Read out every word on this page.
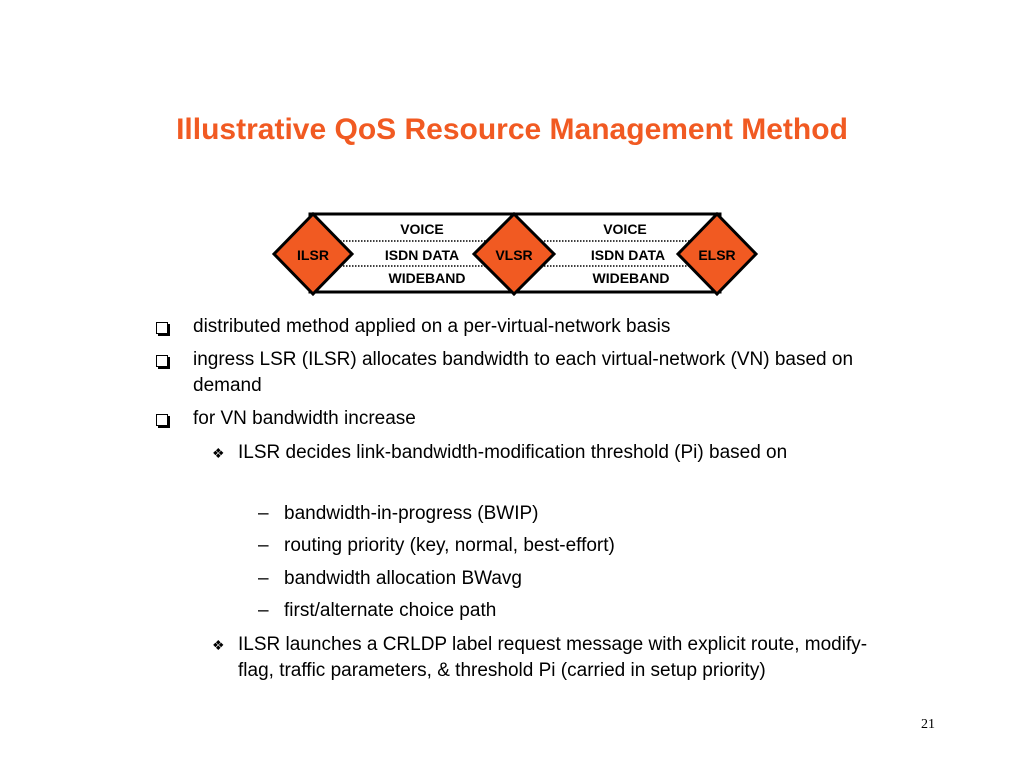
Illustrative QoS Resource Management Method
VOICE
ISDN DATA
WIDEBAND
VOICE
ISDN DATA
WIDEBAND
ILSR	VLSR	ELSR
distributed method applied on a per-virtual-network basis
ingress LSR (ILSR) allocates bandwidth to each virtual-network (VN) based on demand
for VN bandwidth increase
❖ ILSR decides link-bandwidth-modification threshold (Pi) based on
– bandwidth-in-progress (BWIP)
– routing priority (key, normal, best-effort)
– bandwidth allocation BWavg
– first/alternate choice path
❖ ILSR launches a CRLDP label request message with explicit route, modify-flag, traffic parameters, & threshold Pi (carried in setup priority)
21
